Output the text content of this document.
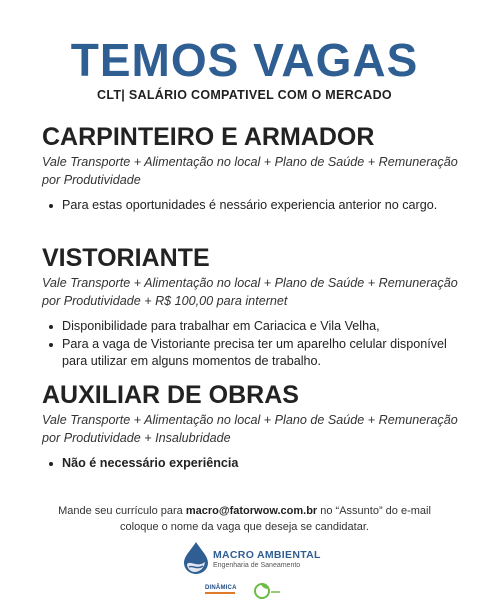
TEMOS VAGAS
CLT| SALÁRIO COMPATIVEL COM O MERCADO
CARPINTEIRO E ARMADOR

Vale Transporte + Alimentação no local + Plano de Saúde + Remuneração por Produtividade

Para estas oportunidades é nessário experiencia anterior no cargo.
VISTORIANTE

Vale Transporte + Alimentação no local + Plano de Saúde + Remuneração por Produtividade + R$ 100,00 para internet

Disponibilidade para trabalhar em Cariacica e Vila Velha,
Para a vaga de Vistoriante precisa ter um aparelho celular disponível para utilizar em alguns momentos de trabalho.
AUXILIAR DE OBRAS

Vale Transporte + Alimentação no local + Plano de Saúde + Remuneração por Produtividade + Insalubridade

Não é necessário experiência
Mande seu currículo para macro@fatorwow.com.br no “Assunto” do e-mail
coloque o nome da vaga que deseja se candidatar.
MACRO AMBIENTAL
Engenharia de Saneamento
DINÂMICA
